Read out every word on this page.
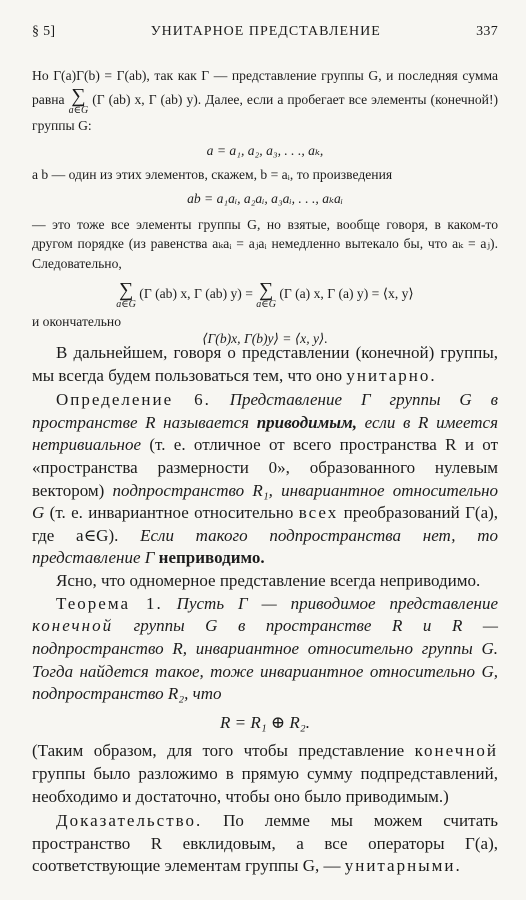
§ 5]	УНИТАРНОЕ ПРЕДСТАВЛЕНИЕ	337

Но Γ(a)Γ(b) = Γ(ab), так как Γ — представление группы G, и последняя сумма равна ∑
a∈G
(Γ (ab) x, Γ (ab) y). Далее, если a пробегает все элементы (конечной!) группы G:

a = a₁, a₂, a₃, . . ., aₖ,

а b — один из этих элементов, скажем, b = aᵢ, то произведения

ab = a₁aᵢ, a₂aᵢ, a₃aᵢ, . . ., aₖaᵢ

— это тоже все элементы группы G, но взятые, вообще говоря, в каком-то другом порядке (из равенства aₖaᵢ = aⱼaᵢ немедленно вытекало бы, что aₖ = aⱼ). Следовательно,

∑
a∈G
(Γ (ab) x, Γ (ab) y) = ∑
a∈G
(Γ (a) x, Γ (a) y) = ⟨x, y⟩

и окончательно

⟨Γ(b)x, Γ(b)y⟩ = ⟨x, y⟩.

В дальнейшем, говоря о представлении (конечной) группы, мы всегда будем пользоваться тем, что оно унитарно.

Определение 6. Представление Γ группы G в пространстве R называется приводимым, если в R имеется нетривиальное (т. е. отличное от всего пространства R и от «пространства размерности 0», образованного нулевым вектором) подпространство R₁, инвариантное относительно G (т. е. инвариантное относительно всех преобразований Γ(a), где a∈G). Если такого подпространства нет, то представление Γ неприводимо.

Ясно, что одномерное представление всегда неприводимо.

Теорема 1. Пусть Γ — приводимое представление конечной группы G в пространстве R и R — подпространство R, инвариантное относительно группы G. Тогда найдется такое, тоже инвариантное относительно G, подпространство R₂, что

R = R₁ ⊕ R₂.

(Таким образом, для того чтобы представление конечной группы было разложимо в прямую сумму подпредставлений, необходимо и достаточно, чтобы оно было приводимым.)

Доказательство. По лемме мы можем считать пространство R евклидовым, а все операторы Γ(a), соответствующие элементам группы G, — унитарными.
